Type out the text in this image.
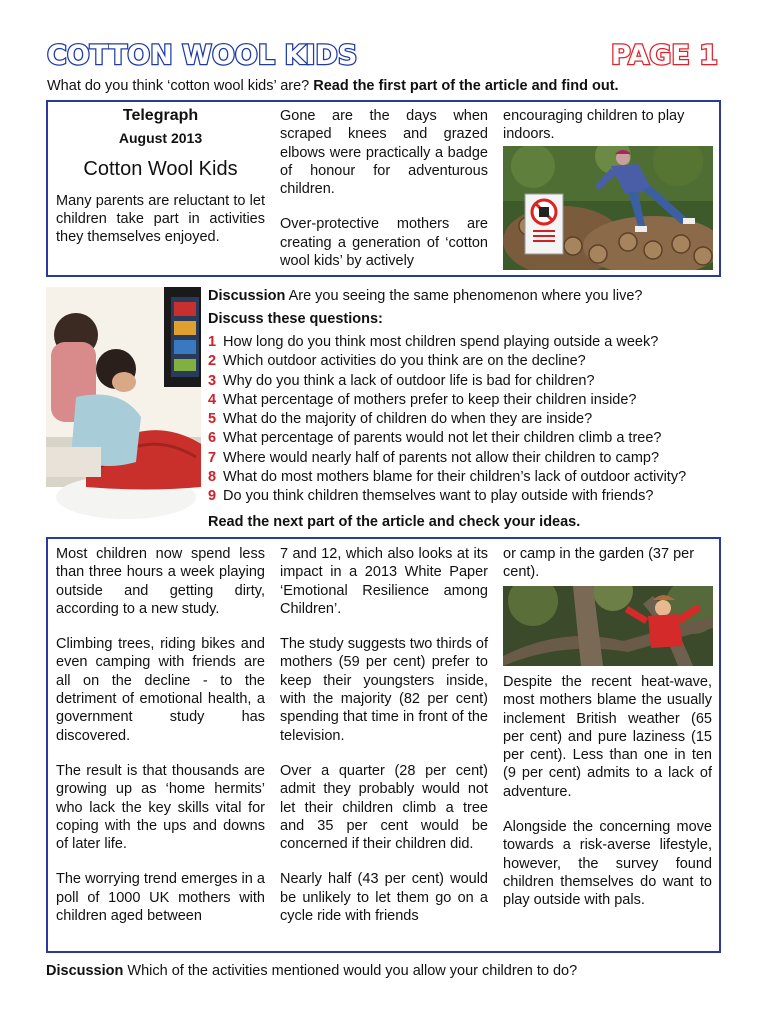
COTTON WOOL KIDS	PAGE 1
What do you think ‘cotton wool kids’ are? Read the first part of the article and find out.
Telegraph
August 2013
Cotton Wool Kids

Many parents are reluctant to let children take part in activities they themselves enjoyed.

Gone are the days when scraped knees and grazed elbows were practically a badge of honour for adventurous children.

Over-protective mothers are creating a generation of ‘cotton wool kids’ by actively

encouraging children to play indoors.

Discussion Are you seeing the same phenomenon where you live?
Discuss these questions:
1 How long do you think most children spend playing outside a week?
2 Which outdoor activities do you think are on the decline?
3 Why do you think a lack of outdoor life is bad for children?
4 What percentage of mothers prefer to keep their children inside?
5 What do the majority of children do when they are inside?
6 What percentage of parents would not let their children climb a tree?
7 Where would nearly half of parents not allow their children to camp?
8 What do most mothers blame for their children’s lack of outdoor activity?
9 Do you think children themselves want to play outside with friends?
Read the next part of the article and check your ideas.

Most children now spend less than three hours a week playing outside and getting dirty, according to a new study.

Climbing trees, riding bikes and even camping with friends are all on the decline - to the detriment of emotional health, a government study has discovered.

The result is that thousands are growing up as ‘home hermits’ who lack the key skills vital for coping with the ups and downs of later life.

The worrying trend emerges in a poll of 1000 UK mothers with children aged between

7 and 12, which also looks at its impact in a 2013 White Paper ‘Emotional Resilience among Children’.

The study suggests two thirds of mothers (59 per cent) prefer to keep their youngsters inside, with the majority (82 per cent) spending that time in front of the television.

Over a quarter (28 per cent) admit they probably would not let their children climb a tree and 35 per cent would be concerned if their children did.

Nearly half (43 per cent) would be unlikely to let them go on a cycle ride with friends

or camp in the garden (37 per cent).

Despite the recent heat-wave, most mothers blame the usually inclement British weather (65 per cent) and pure laziness (15 per cent). Less than one in ten (9 per cent) admits to a lack of adventure.

Alongside the concerning move towards a risk-averse lifestyle, however, the survey found children themselves do want to play outside with pals.

Discussion Which of the activities mentioned would you allow your children to do?
